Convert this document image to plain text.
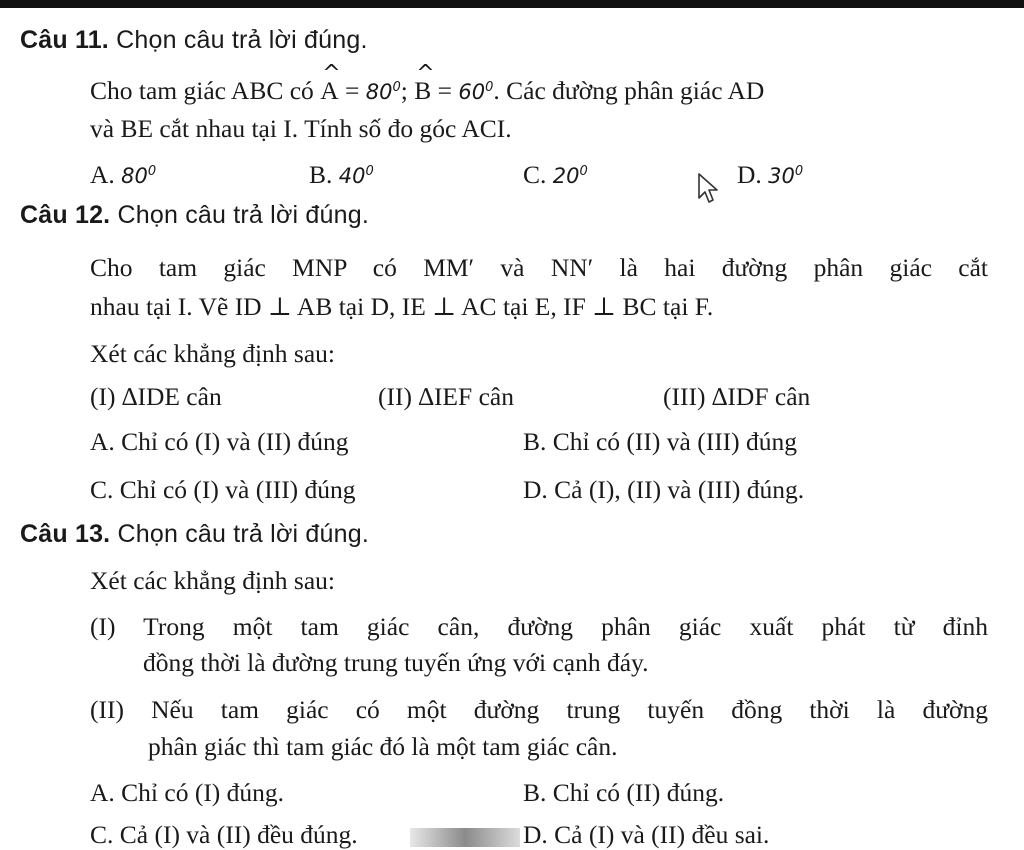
Câu 11. Chọn câu trả lời đúng.
Cho tam giác ABC có ^ $A = 80^0$; ^ $B = 60^0$. Các đường phân giác AD
và BE cắt nhau tại I. Tính số đo góc ACI.
A. $80^0$	B. $40^0$	C. $20^0$	D. $30^0$
Câu 12. Chọn câu trả lời đúng.
Cho tam giác MNP có MM′ và NN′ là hai đường phân giác cắt
nhau tại I. Vẽ ID ⊥ AB tại D, IE ⊥ AC tại E, IF ⊥ BC tại F.
Xét các khẳng định sau:
(I) ∆IDE cân	(II) ∆IEF cân	(III) ∆IDF cân
A. Chỉ có (I) và (II) đúng	B. Chỉ có (II) và (III) đúng
C. Chỉ có (I) và (III) đúng	D. Cả (I), (II) và (III) đúng.
Câu 13. Chọn câu trả lời đúng.
Xét các khẳng định sau:
(I) Trong một tam giác cân, đường phân giác xuất phát từ đỉnh
đồng thời là đường trung tuyến ứng với cạnh đáy.
(II) Nếu tam giác có một đường trung tuyến đồng thời là đường
phân giác thì tam giác đó là một tam giác cân.
A. Chỉ có (I) đúng.	B. Chỉ có (II) đúng.
C. Cả (I) và (II) đều đúng.	D. Cả (I) và (II) đều sai.
